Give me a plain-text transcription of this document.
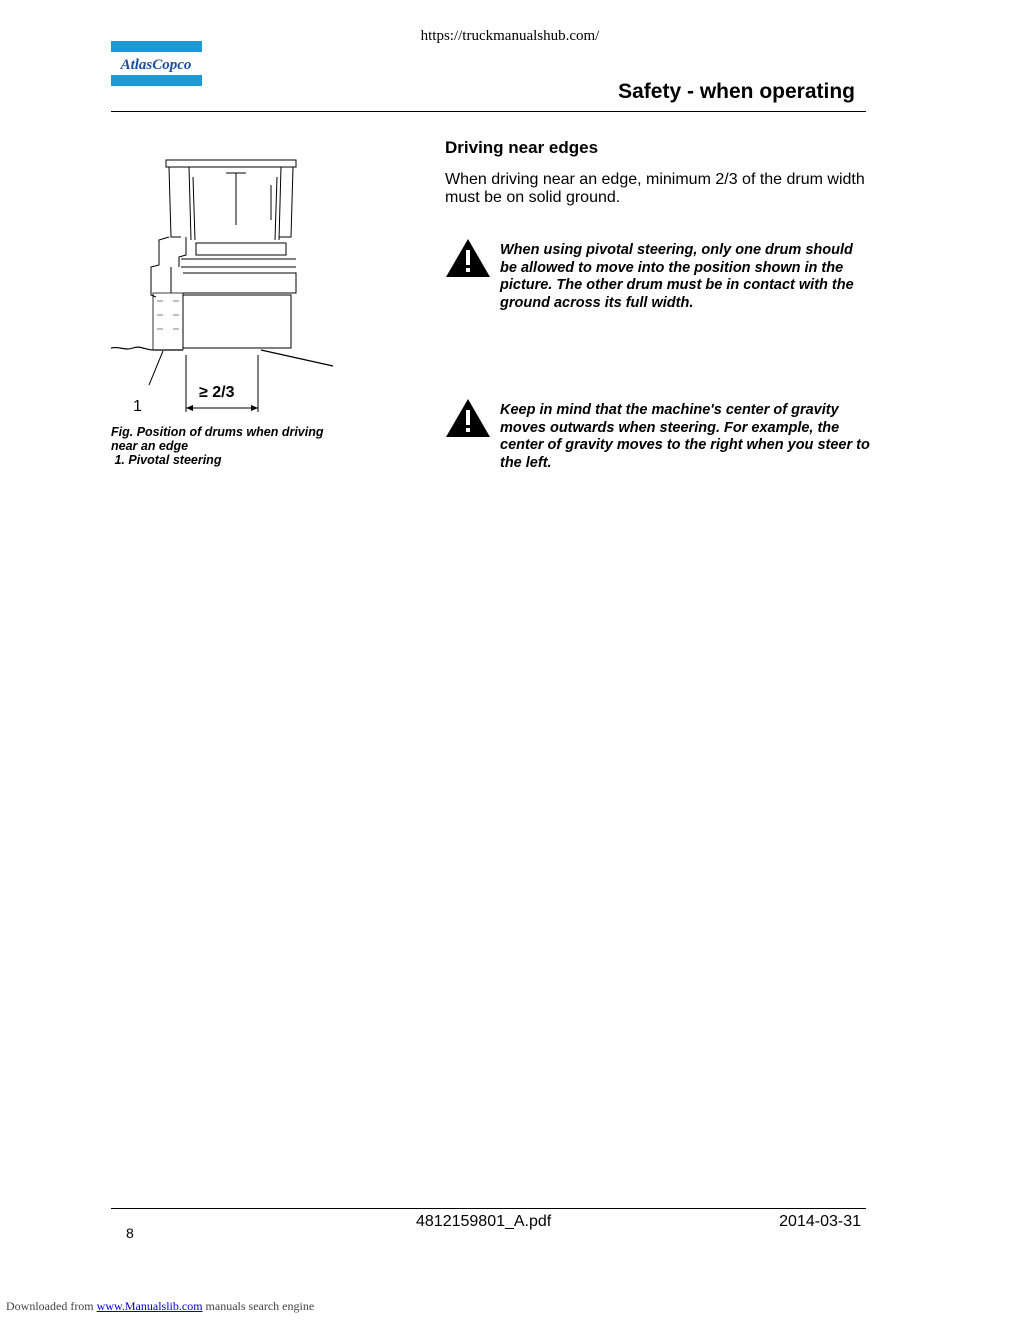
https://truckmanualshub.com/
AtlasCopco
Safety - when operating
≥ 2/3
1
Fig. Position of drums when driving
near an edge
1. Pivotal steering
Driving near edges
When driving near an edge, minimum 2/3 of the drum width must be on solid ground.
When using pivotal steering, only one drum should be allowed to move into the position shown in the picture. The other drum must be in contact with the ground across its full width.
Keep in mind that the machine's center of gravity moves outwards when steering. For example, the center of gravity moves to the right when you steer to the left.
4812159801_A.pdf	2014-03-31
8
Downloaded from www.Manualslib.com manuals search engine
